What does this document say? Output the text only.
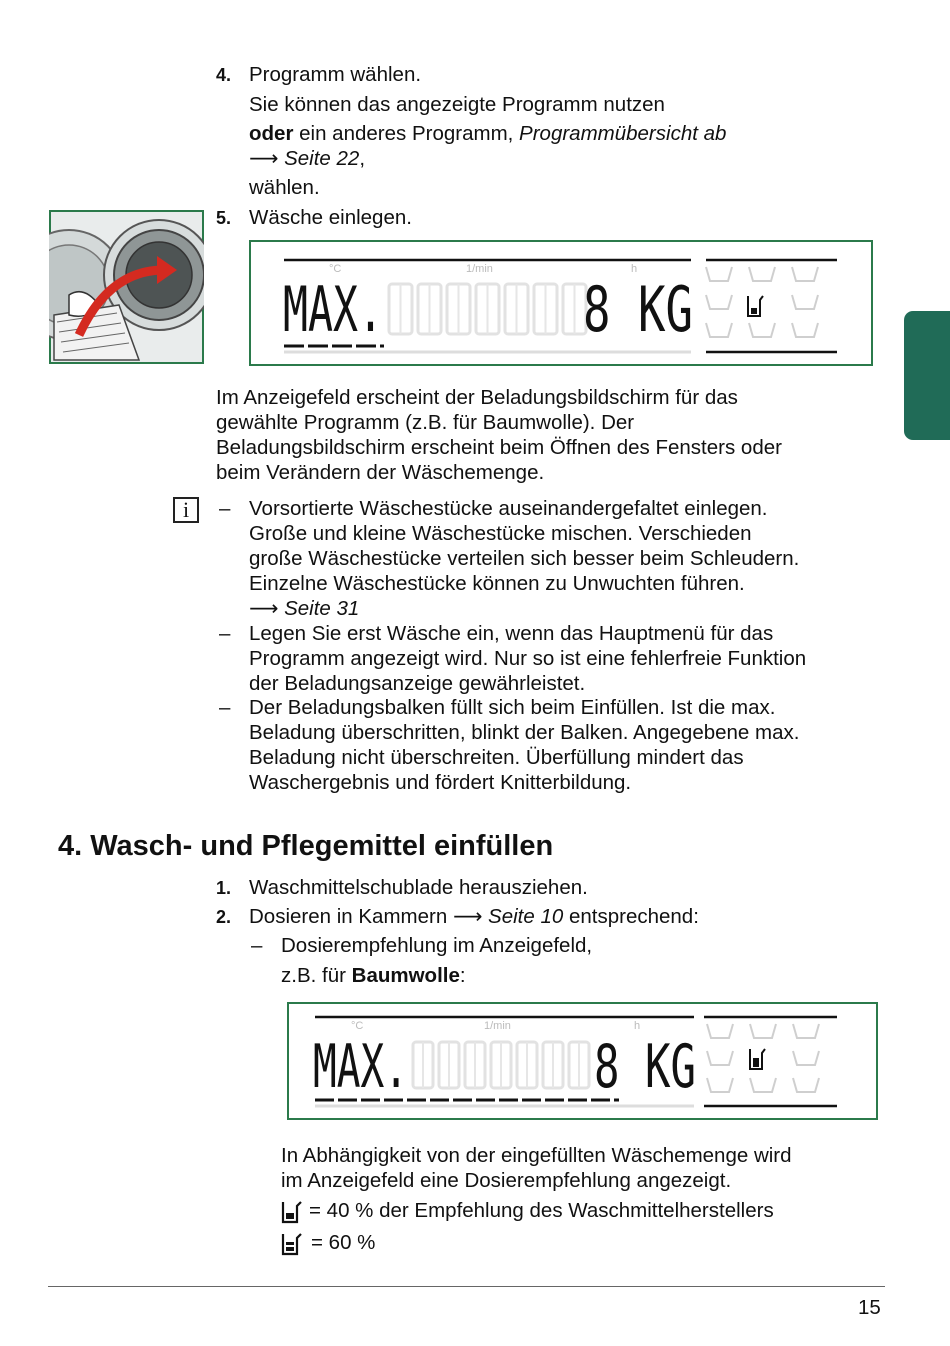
4. Programm wählen.
Sie können das angezeigte Programm nutzen
oder ein anderes Programm, Programmübersicht ab
⟶ Seite 22,
wählen.
5. Wäsche einlegen.
°C	1/min	h
MAX.	8 KG
Im Anzeigefeld erscheint der Beladungsbildschirm für das
gewählte Programm (z.B. für Baumwolle). Der
Beladungsbildschirm erscheint beim Öffnen des Fensters oder
beim Verändern der Wäschemenge.
i	– Vorsortierte Wäschestücke auseinandergefaltet einlegen.
Große und kleine Wäschestücke mischen. Verschieden
große Wäschestücke verteilen sich besser beim Schleudern.
Einzelne Wäschestücke können zu Unwuchten führen.
⟶ Seite 31
– Legen Sie erst Wäsche ein, wenn das Hauptmenü für das
Programm angezeigt wird. Nur so ist eine fehlerfreie Funktion
der Beladungsanzeige gewährleistet.
– Der Beladungsbalken füllt sich beim Einfüllen. Ist die max.
Beladung überschritten, blinkt der Balken. Angegebene max.
Beladung nicht überschreiten. Überfüllung mindert das
Waschergebnis und fördert Knitterbildung.
4. Wasch- und Pflegemittel einfüllen
1. Waschmittelschublade herausziehen.
2. Dosieren in Kammern ⟶ Seite 10 entsprechend:
– Dosierempfehlung im Anzeigefeld,
z.B. für Baumwolle:
°C	1/min	h
MAX.	8 KG
In Abhängigkeit von der eingefüllten Wäschemenge wird
im Anzeigefeld eine Dosierempfehlung angezeigt.
= 40 % der Empfehlung des Waschmittelherstellers
= 60 %
15
